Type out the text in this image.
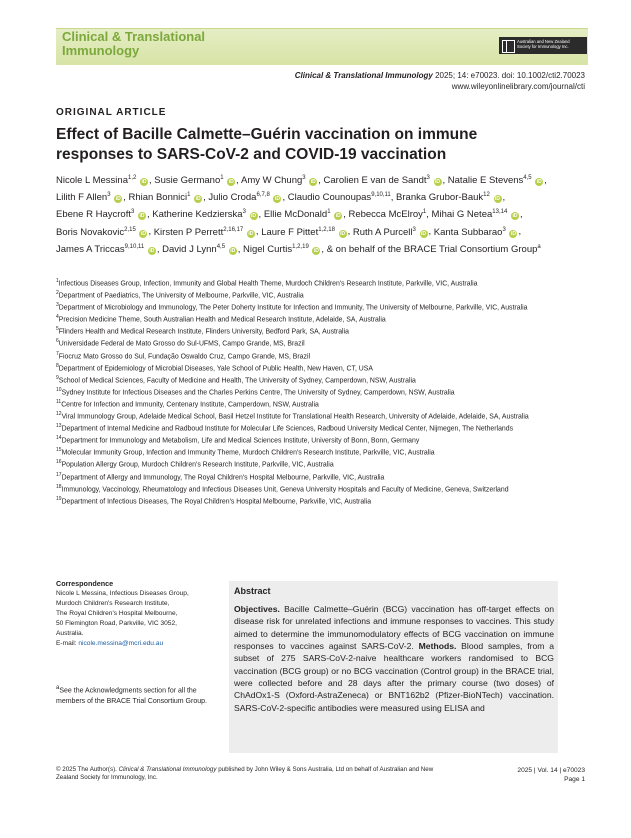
Clinical & Translational
Immunology
Australian and New Zealand
Society for Immunology Inc.
Clinical & Translational Immunology 2025; 14: e70023. doi: 10.1002/cti2.70023
www.wileyonlinelibrary.com/journal/cti
ORIGINAL ARTICLE
Effect of Bacille Calmette–Guérin vaccination on immune responses to SARS-CoV-2 and COVID-19 vaccination
Nicole L Messina$^{1,2}$ iD , Susie Germano$^1$ iD , Amy W Chung$^3$ iD , Carolien E van de Sandt$^3$ iD , Natalie E Stevens$^{4,5}$ iD , Lilith F Allen$^3$ iD , Rhian Bonnici$^1$ iD , Julio Croda$^{6,7,8}$ iD , Claudio Counoupas$^{9,10,11}$, Branka Grubor-Bauk$^{12}$ iD , Ebene R Haycroft$^3$ iD , Katherine Kedzierska$^3$ iD , Ellie McDonald$^1$ iD , Rebecca McElroy$^1$, Mihai G Netea$^{13,14}$ iD , Boris Novakovic$^{2,15}$ iD , Kirsten P Perrett$^{2,16,17}$ iD , Laure F Pittet$^{1,2,18}$ iD , Ruth A Purcell$^3$ iD , Kanta Subbarao$^3$ iD , James A Triccas$^{9,10,11}$ iD , David J Lynn$^{4,5}$ iD , Nigel Curtis$^{1,2,19}$ iD , & on behalf of the BRACE Trial Consortium Group$^a$
$^1$Infectious Diseases Group, Infection, Immunity and Global Health Theme, Murdoch Children's Research Institute, Parkville, VIC, Australia
$^2$Department of Paediatrics, The University of Melbourne, Parkville, VIC, Australia
$^3$Department of Microbiology and Immunology, The Peter Doherty Institute for Infection and Immunity, The University of Melbourne, Parkville, VIC, Australia
$^4$Precision Medicine Theme, South Australian Health and Medical Research Institute, Adelaide, SA, Australia
$^5$Flinders Health and Medical Research Institute, Flinders University, Bedford Park, SA, Australia
$^6$Universidade Federal de Mato Grosso do Sul-UFMS, Campo Grande, MS, Brazil
$^7$Fiocruz Mato Grosso do Sul, Fundação Oswaldo Cruz, Campo Grande, MS, Brazil
$^8$Department of Epidemiology of Microbial Diseases, Yale School of Public Health, New Haven, CT, USA
$^9$School of Medical Sciences, Faculty of Medicine and Health, The University of Sydney, Camperdown, NSW, Australia
$^{10}$Sydney Institute for Infectious Diseases and the Charles Perkins Centre, The University of Sydney, Camperdown, NSW, Australia
$^{11}$Centre for Infection and Immunity, Centenary Institute, Camperdown, NSW, Australia
$^{12}$Viral Immunology Group, Adelaide Medical School, Basil Hetzel Institute for Translational Health Research, University of Adelaide, Adelaide, SA, Australia
$^{13}$Department of Internal Medicine and Radboud Institute for Molecular Life Sciences, Radboud University Medical Center, Nijmegen, The Netherlands
$^{14}$Department for Immunology and Metabolism, Life and Medical Sciences Institute, University of Bonn, Bonn, Germany
$^{15}$Molecular Immunity Group, Infection and Immunity Theme, Murdoch Children's Research Institute, Parkville, VIC, Australia
$^{16}$Population Allergy Group, Murdoch Children's Research Institute, Parkville, VIC, Australia
$^{17}$Department of Allergy and Immunology, The Royal Children's Hospital Melbourne, Parkville, VIC, Australia
$^{18}$Immunology, Vaccinology, Rheumatology and Infectious Diseases Unit, Geneva University Hospitals and Faculty of Medicine, Geneva, Switzerland
$^{19}$Department of Infectious Diseases, The Royal Children's Hospital Melbourne, Parkville, VIC, Australia
Correspondence
Nicole L Messina, Infectious Diseases Group,
Murdoch Children's Research Institute,
The Royal Children's Hospital Melbourne,
50 Flemington Road, Parkville, VIC 3052,
Australia.
E-mail: nicole.messina@mcri.edu.au
$^a$See the Acknowledgments section for all the members of the BRACE Trial Consortium Group.
Abstract
Objectives. Bacille Calmette–Guérin (BCG) vaccination has off-target effects on disease risk for unrelated infections and immune responses to vaccines. This study aimed to determine the immunomodulatory effects of BCG vaccination on immune responses to vaccines against SARS-CoV-2. Methods. Blood samples, from a subset of 275 SARS-CoV-2-naive healthcare workers randomised to BCG vaccination (BCG group) or no BCG vaccination (Control group) in the BRACE trial, were collected before and 28 days after the primary course (two doses) of ChAdOx1-S (Oxford-AstraZeneca) or BNT162b2 (Pfizer-BioNTech) vaccination. SARS-CoV-2-specific antibodies were measured using ELISA and
© 2025 The Author(s). Clinical & Translational Immunology published by John Wiley & Sons Australia, Ltd on behalf of Australian and New Zealand Society for Immunology, Inc.
2025 | Vol. 14 | e70023
Page 1
